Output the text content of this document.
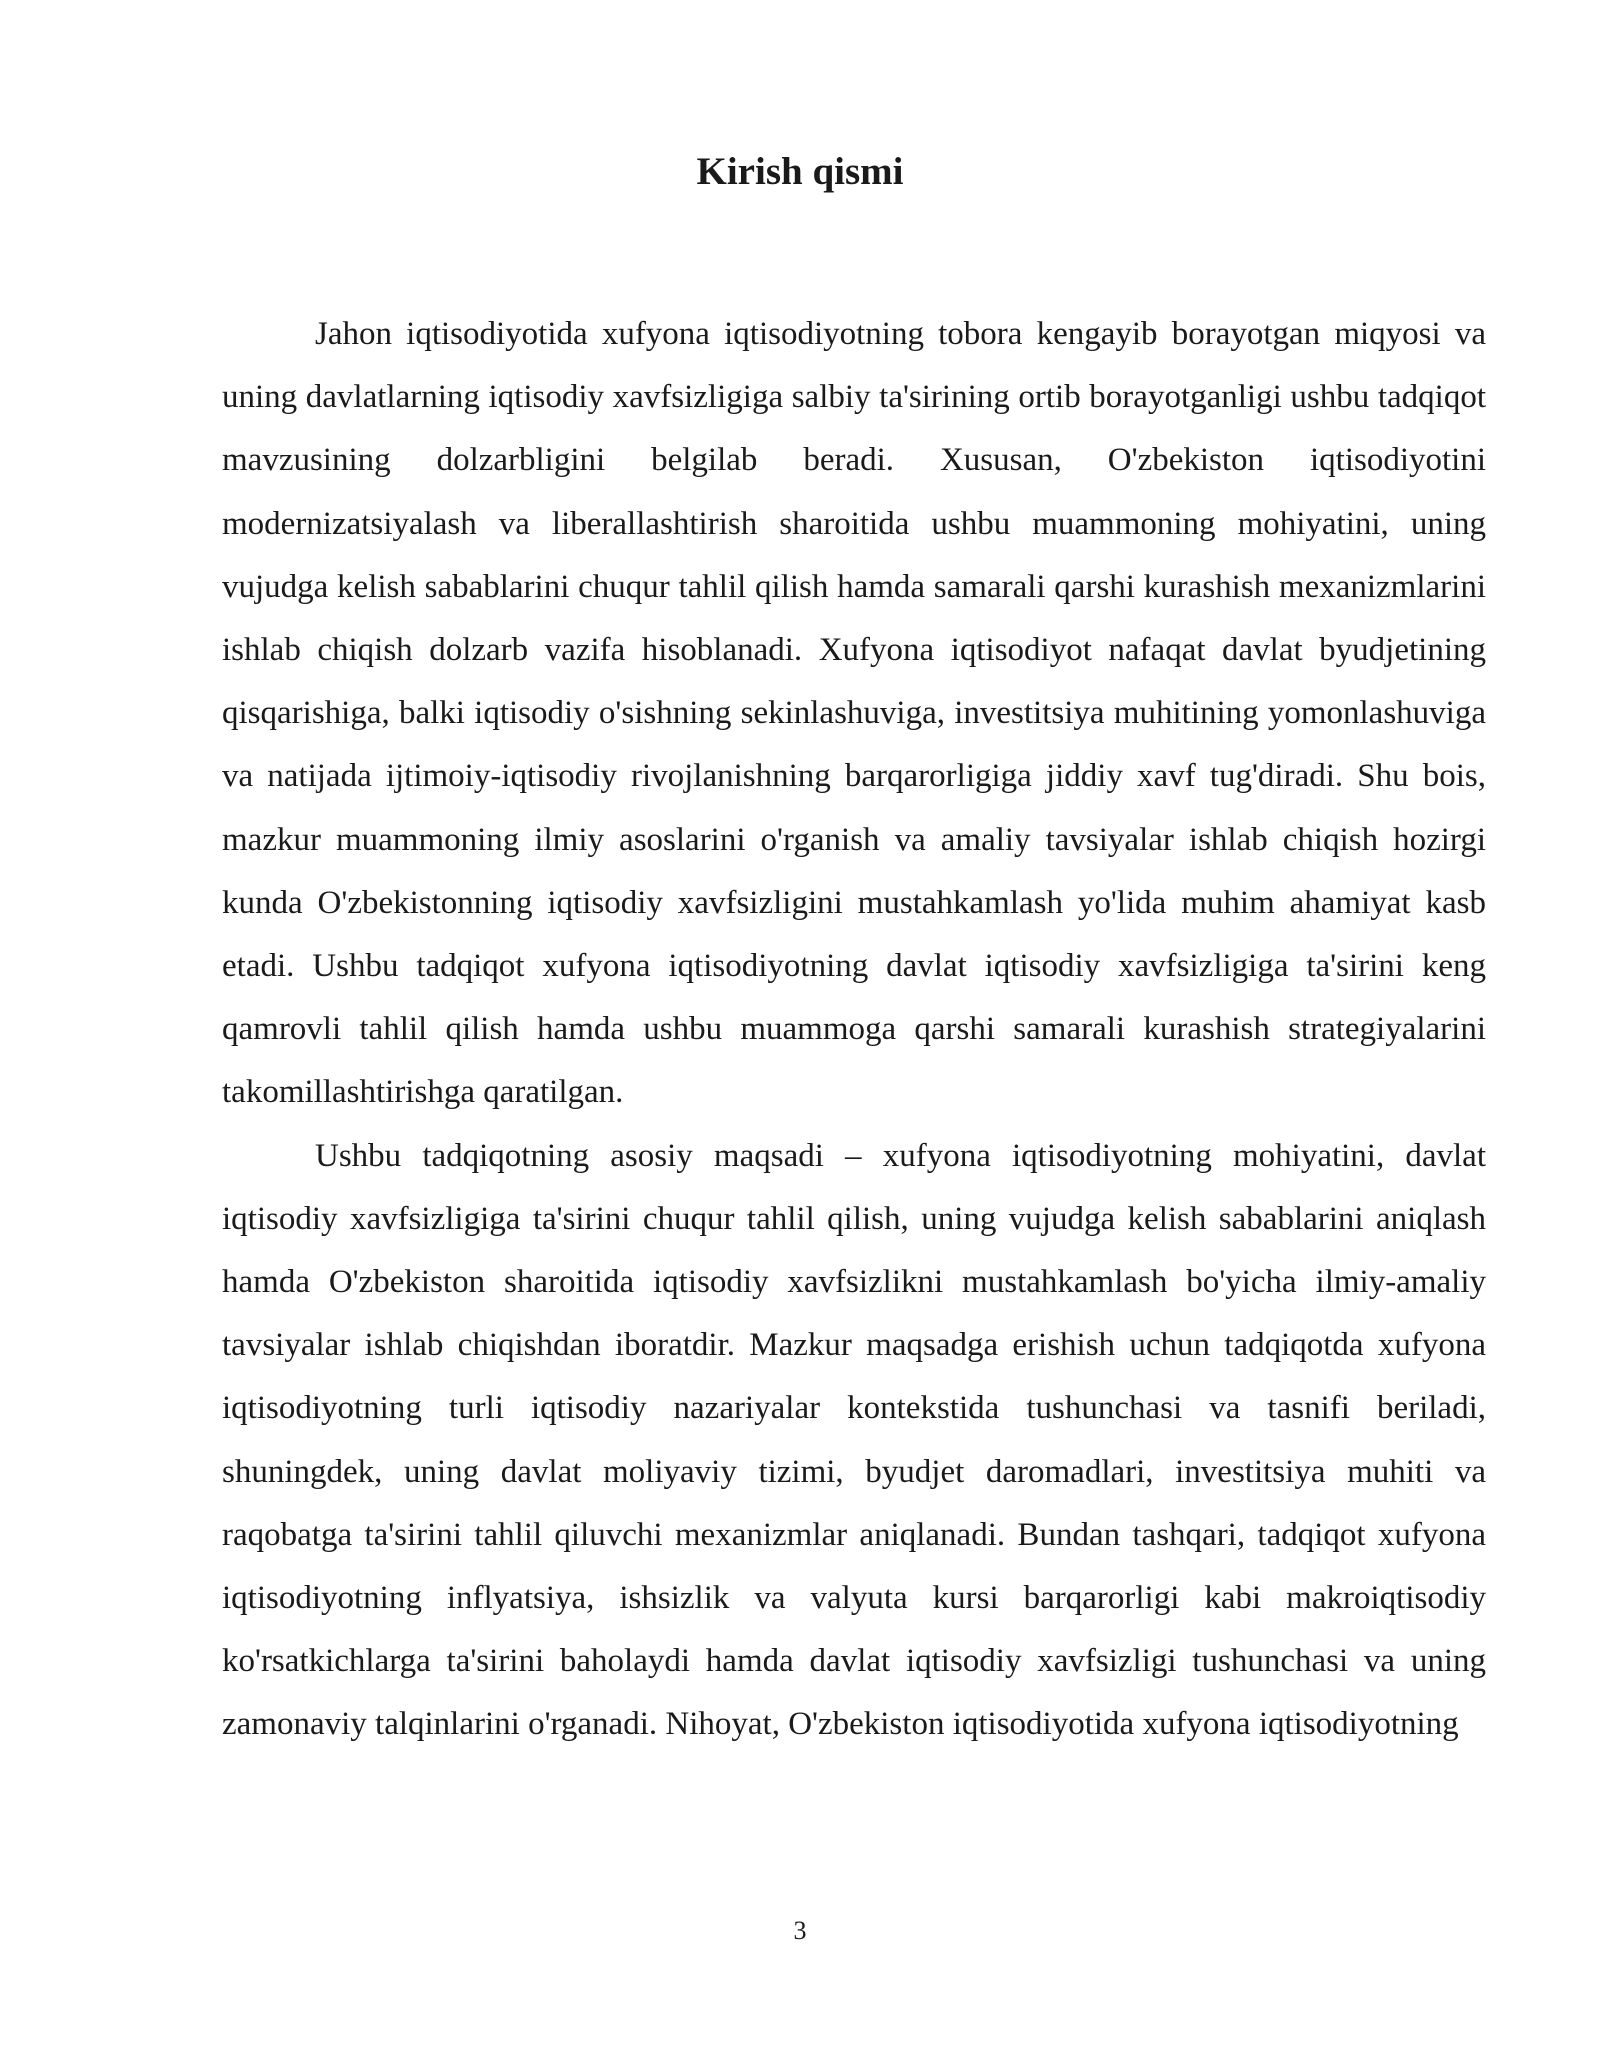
Kirish qismi

Jahon iqtisodiyotida xufyona iqtisodiyotning tobora kengayib borayotgan miqyosi va uning davlatlarning iqtisodiy xavfsizligiga salbiy ta'sirining ortib borayotganligi ushbu tadqiqot mavzusining dolzarbligini belgilab beradi. Xususan, O'zbekiston iqtisodiyotini modernizatsiyalash va liberallashtirish sharoitida ushbu muammoning mohiyatini, uning vujudga kelish sabablarini chuqur tahlil qilish hamda samarali qarshi kurashish mexanizmlarini ishlab chiqish dolzarb vazifa hisoblanadi. Xufyona iqtisodiyot nafaqat davlat byudjetining qisqarishiga, balki iqtisodiy o'sishning sekinlashuviga, investitsiya muhitining yomonlashuviga va natijada ijtimoiy-iqtisodiy rivojlanishning barqarorligiga jiddiy xavf tug'diradi. Shu bois, mazkur muammoning ilmiy asoslarini o'rganish va amaliy tavsiyalar ishlab chiqish hozirgi kunda O'zbekistonning iqtisodiy xavfsizligini mustahkamlash yo'lida muhim ahamiyat kasb etadi. Ushbu tadqiqot xufyona iqtisodiyotning davlat iqtisodiy xavfsizligiga ta'sirini keng qamrovli tahlil qilish hamda ushbu muammoga qarshi samarali kurashish strategiyalarini takomillashtirishga qaratilgan.

Ushbu tadqiqotning asosiy maqsadi – xufyona iqtisodiyotning mohiyatini, davlat iqtisodiy xavfsizligiga ta'sirini chuqur tahlil qilish, uning vujudga kelish sabablarini aniqlash hamda O'zbekiston sharoitida iqtisodiy xavfsizlikni mustahkamlash bo'yicha ilmiy-amaliy tavsiyalar ishlab chiqishdan iboratdir. Mazkur maqsadga erishish uchun tadqiqotda xufyona iqtisodiyotning turli iqtisodiy nazariyalar kontekstida tushunchasi va tasnifi beriladi, shuningdek, uning davlat moliyaviy tizimi, byudjet daromadlari, investitsiya muhiti va raqobatga ta'sirini tahlil qiluvchi mexanizmlar aniqlanadi. Bundan tashqari, tadqiqot xufyona iqtisodiyotning inflyatsiya, ishsizlik va valyuta kursi barqarorligi kabi makroiqtisodiy ko'rsatkichlarga ta'sirini baholaydi hamda davlat iqtisodiy xavfsizligi tushunchasi va uning zamonaviy talqinlarini o'rganadi. Nihoyat, O'zbekiston iqtisodiyotida xufyona iqtisodiyotning

3
